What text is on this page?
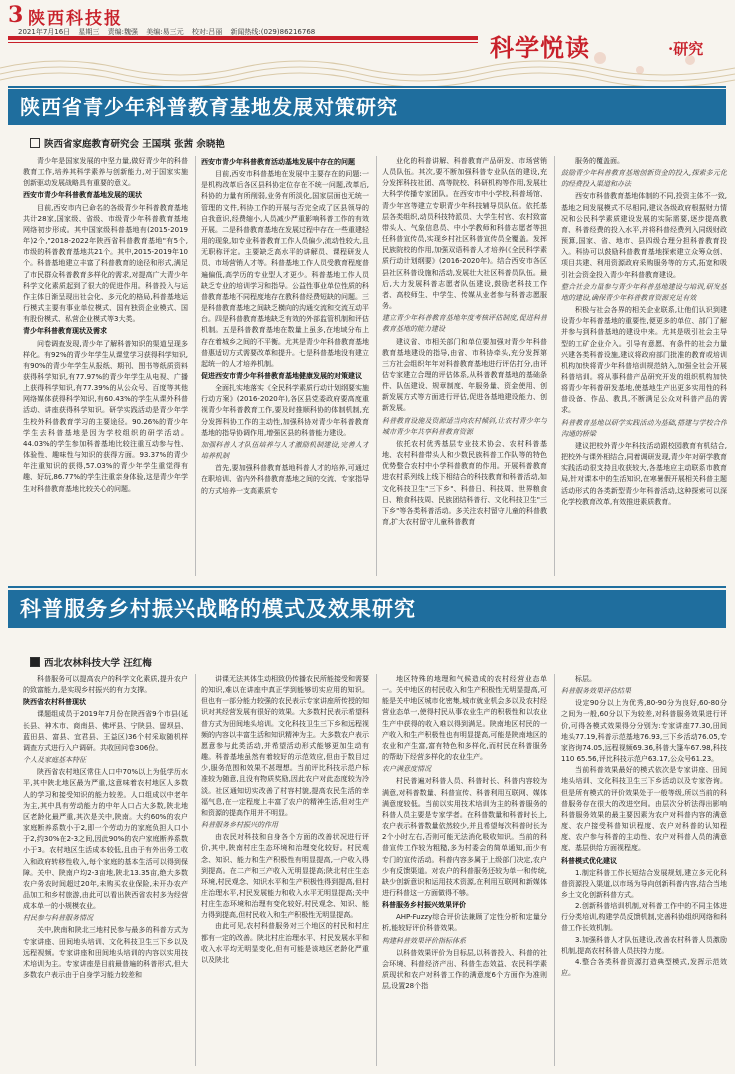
3 陕西科技报
2021年7月16日 星期三 责编:魏强 美编:易三元 校对:吕丽 新闻热线:(029)86216768
科学悦读	·研究
陕西省青少年科普教育基地发展对策研究
陕西省家庭教育研究会 王国琪 张茜 余晓艳

青少年是国家发展的中坚力量,做好青少年的科普教育工作,培养其科学素养与创新能力,对于国家实施创新驱动发展战略具有重要的意义。

西安市青少年科普教育基地发展的现状

目前,西安市内已命名的各级青少年科普教育基地共计28家,国家级、省级、市级青少年科普教育基地网络初步形成。其中国家级科普基地有(2015-2019年)2个,"2018-2022年陕西省科普教育基地"有5个,市级的科普教育基地共21个。其中,2015-2019年10个。科普基地建立丰富了科普教育的途径和形式,满足了市民群众科普教育多样化的需求,对提高广大青少年科学文化素质起到了很大的促进作用。科普投入与运作主体日渐呈现出社会化、多元化的格局,科普基地运行模式主要有事业单位模式、国有独资企业模式、国有股份模式、私营企业模式等3大类。

青少年科普教育现状及需求

问卷调查发现,青少年了解科普知识的渠道呈现多样化。有92%的青少年学生从课堂学习获得科学知识,有90%的青少年学生从报纸、期刊、图书等纸质资料获得科学知识,有77.97%的青少年学生从电视、广播上获得科学知识,有77.39%的从公众号、百度等其他网络媒体获得科学知识,有60.43%的学生从课外科普活动、讲座获得科学知识。研学实践活动是青少年学生校外科普教育学习的主要途径。90.26%的青少年学生去科普基地是因为学校组织的研学活动。44.03%的学生参加科普基地比较注重互动参与性、体验性、趣味性与知识的获得方面。93.37%的青少年注重知识的获得,57.03%的青少年学生重觉得有趣、好玩,86.77%的学生注重亲身体验,这是青少年学生对科普教育基地比较关心的问题。

西安市青少年科普教育活动基地发展中存在的问题

目前,西安市科普基地在发展中主要存在的问题:一是机构改革后各区县科协定位存在不统一问题,改革后,科协的力量有所削弱,业务有所淡化,国家层面也无统一管理的文件,科协工作的开展与否完全成了区县领导的自我意识,经费缩小,人员减少严重影响科普工作的有效开展。二是科普教育基地在发展过程中存在一些重建轻用的现象,如专业科普教育工作人员偏少,流动性较大,且无职称评定。主要缺乏高水平的讲解员、课程研发人员、市场营销人才等。科普基地工作人员受教育程度普遍偏低,高学历的专业型人才更少。科普基地工作人员缺乏专业的培训学习和指导。公益性事业单位性质的科普教育基地不同程度地存在教科普经费短缺的问题。三是科普教育基地之间缺乏横向的沟通交流和交流互动平台。四是科普教育基地缺乏有效的外部监管机制和评估机制。五是科普教育基地在数量上虽多,在地域分布上存在着城乡之间的不平衡。尤其是青少年科普教育基地普惠适切方式需要改革和提升。七是科普基地没有建立起统一的人才培养机制。

促进西安市青少年科普教育基地健康发展的对策建议

全面扎实地落实《全民科学素质行动计划纲要实施行动方案》(2016-2020年),各区县党委政府要高度重视青少年科普教育工作,要及时推顺科协的体制机制,充分发挥科协工作的主动性,加强科协对青少年科普教育基地的指导协调作用,增强区县的科普能力建设。

加强科普人才队伍培养与人才激励机制建设,完善人才培养机制

首先,要加强科普教育基地科普人才的培养,可通过在职培训、省内外科普教育基地之间的交流、专家指导的方式培养一支高素质专

业化的科普讲解、科普教育产品研发、市场营销人员队伍。其次,要不断加强科普专业队伍的建设,充分发挥科技社团、高等院校、科研机构等作用,发展壮大科学传播专家团队。在西安市中小学校,科普场馆、青少年宫等建立专职青少年科技辅导员队伍。依托基层各类组织,动员科技特派员、大学生村官、农村致富带头人、气象信息员、中小学教师和科普志愿者等担任科普宣传员,实现乡村社区科普宣传员全覆盖。发挥民族院校的作用,加强双语科普人才培养(《全民科学素质行动计划纲要》(2016-2020年)。结合西安市各区县社区科普设施和活动,发展壮大社区科普员队伍。最后,大力发展科普志愿者队伍建设,鼓励老科技工作者、高校师生、中学生、传媒从业者参与科普志愿服务。

建立青少年科普教育基地年度考核评估制度,促进科普教育基地的能力建设

建议省、市相关部门和单位要加强对青少年科普教育基地建设的指导,由省、市科协牵头,充分发挥第三方社会组织年年对科普教育基地进行评估打分,由评估专家建立合理的评估体系,从科普教育基地的基础条件、队伍建设、规章制度、年服务量、资金使用、创新发展方式等方面进行评估,促进各基地建设能力、创新发展。

科普教育设施及资源适当向农村倾斜,让农村青少年与城市青少年共享科普教育资源

依托农村优秀基层专业技术协会、农村科普基地、农村科普带头人和少数民族科普工作队等的特色优势整合农村中小学科普教育的作用。开展科普教育进农村系列线上线下相结合的科技教育和科普活动,如文化科技卫生"三下乡"、科普日、科技周、世界粮食日、粮食科技周、民族团结科普行、文化科技卫生"三下乡"等各类科普活动。多关注农村留守儿童的科普教育,扩大农村留守儿童科普教育

服务的覆盖面。

鼓励青少年科普教育基地创新资金的投入,探索多元化的经费投入渠道和办法

西安市科普教育基地体制的不同,投资主体不一致,基地之间发展模式不尽相同,建议各级政府根据财力情况和公民科学素质建设发展的实际需要,逐步提高教育、科普经费的投入水平,并将科普经费列入同级财政预算,国家、省、地市、县四级合理分担科普教育投入。科协可以鼓励科普教育基地探索建立众筹众创、项目共建、利用资源政府采购服务等的方式,拓宽和吸引社会资金投入青少年科普教育建设。

整合社会力量参与青少年科普基地建设与培训,研发基地的建设,确保青少年科普教育资源充足有效

积极与社会各界的相关企业联系,让他们认识到建设青少年科普基地的重要性,便更多的单位、部门了解并参与到科普基地的建设中来。尤其是吸引社会主导型的工矿企业介入。引导有意愿、有条件的社会力量兴建各类科普设施,建议将政府部门批准的教育或培训机构加快将青少年科普培训规范纳入,加强全社会开展科普培训。将从事科普产品研究开发的组织机构加快将青少年科普研发基地,使基地生产出更多实用性的科普设备、作品、教具,不断满足公众对科普产品的需求。

科普教育基地以研学实践活动为基础,搭建与学校合作沟通的桥梁

建议把校外青少年科技活动跟校园教育有机结合,把校外与课外相结合,同着调研发现,青少年对研学教育实践活动很支持且收获较大,各基地应主动联系市教育局,针对课本中的生活知识,在寒暑假开展相关科普主题活动形式的各类新型青少年科普活动,这种探索可以深化学校教育改革,有效推进素质教育。

科普服务乡村振兴战略的模式及效果研究
西北农林科技大学 汪红梅

科普服务可以提高农户的科学文化素质,提升农户的致富能力,是实现乡村振兴的有力支撑。

陕西省农村科普现状

课题组成员于2019年7月份在陕西省9个市县(延长县、神木市、商南县、佛坪县、宁陕县、留坝县、蓝田县、富县、宜君县、王益区)36个村采取随机样调查方式进行入户调研。共收回问卷306份。

个人及家庭基本特征

陕西省农村地区常住人口中70%以上为低学历水平,其中陕北地区最为严重,这意味着农村地区人多数人的学习和接受知识的能力较差。人口组成以中老年为主,其中具有劳动能力的中年人口占大多数,陕北地区老龄化最严重,其次是关中,陕南。大约60%的农户家庭断养系数小于2,即一个劳动力的家庭负担人口小于2,约30%在2-3之间,因此90%的农户家庭断养系数小于3。农村地区生活成本较低,且由于有外出务工收入和政府转移性收入,每个家庭的基本生活可以得到保障。关中、陕南户均2-3亩地,陕北13.35亩,绝大多数农户务农时间超过20年,未购买农业保险,未开办农产品加工和乡村旅游,由此可以看出陕西省农村多为经营成本单一的小规模农业。

村民参与科普服务情况

关中,陕南和陕北三地村民参与最多的科普方式为专家讲座、田间地头培训、文化科技卫生三下乡以及远程视频。专家讲座和田间地头培训的内容以实用技术培训为主。专家讲座是目前最普遍的科普形式,但大多数农户表示由于自身学习能力较差和

讲课无法其体生动相致仍传播农民所能接受和需要的知识,难以在讲座中真正学到能够切实应用的知识。但也有一部分能力较强的农民表示专家讲座所传授的知识对其经营发展有很好的效果。大多数村民表示希望科普方式为田间地头培训。文化科技卫生三下乡和远程视频的内容以丰富生活和知识精神为主。大多数农户表示愿意参与此类活动,并希望活动形式能够更加生动有趣。科普基地虽然有着较好的示范效应,但由于数目过少,服务范围和效果不甚理想。当前评比科技示范户标准较为随意,且没有物质奖励,因此农户对此态度较为冷淡。社区通知切实改善了村容村貌,提高农民生活的幸福气息,在一定程度上丰富了农户的精神生活,但对生产和资源的提高作用并不明显。

科普服务乡村振兴的作用

由农民对科技和自身各个方面的改善状况进行评价,其中,陕南村庄生态环境和治理变化较好。村民观念、知识、能力和生产积极性有明显提高,一户收入得到提高。在二产和三产收入无明显提高;陕北村庄生态环境,村民观念、知识水平和生产积极性得到提高,但村庄治理水平,村民发展能力和收入水平无明显提高;关中村庄生态环境和治理有变化较好,村民观念、知识、能力得到提高,但村民收入和生产积极性无明显提高。

由此可见,农村科普服务对三个地区的村民和村庄都有一定的改善。陕北村庄治理水平、村民发展水平和收入水平均无明显变化,但有可能是该地区老龄化严重以及陕北

地区特殊的地理和气候造成的农村经营业态单一。关中地区的村民收入和生产积极性无明显提高,可能是关中地区城市化密集,城市就业机会多以及农村经营业态单一,使得村民从事农业生产的积极性和以农业生产中获得的收入难以得到满足。陕南地区村民的一产收入和生产积极性也有明显提高,可能是陕南地区的农业和产生富,富有特色和多样化,而村民在科普服务的帮助下经营多样化的农业生产。

农户满意度情况

村民普遍对科普人员、科普时长、科普内容较为满意,对科普数量、科普宣传、科普利用互联网、媒体满意度较低。当前以实用技术培训为主的科普服务的科普人员主要是专家学者。在科普数量和科普时长上,农户表示科普数量依然较少,并且希望每次科普时长为2个小时左右,否则可能无法消化吸收知识。当前的科普宣传工作较为粗糙,多为村委会的简单通知,而少有专门的宣传活动。科普内容多属于上级部门决定,农户少有反馈渠道。对农户的科普服务还较为单一和传统,缺少创新意识和运用技术资源,在利用互联网和新媒体进行科普这一方面做得不够。

科普服务乡村振兴效果评价

AHP-Fuzzy综合评价法兼顾了定性分析和定量分析,能较好评价科普效果。

构建科普效果评价指标体系

以科普效果评价为目标层,以科普投入、科普的社会环境、科普经济产出、科普生态效益、农民科学素质现状和农户对科普工作的满意度6个方面作为准则层,设置28个指

标层。

科普服务效果评估结果

设定90分以上为优秀,80-90分为良好,60-80分之间为一般,60分以下为较差,对科普服务效果进行评价,可得各模式效果得分分别为:专家讲座77.30,田间地头77.19,科普示范基地76.93,三下乡活动76.05,专家咨询74.05,远程视频69.36,科普大篷车67.98,科技110 65.56,评比科技示范户63.17,公众号61.23。

当前科普效果最好的模式依次是专家讲座、田间地头培训、文化科技卫生三下乡活动以及专家咨询。但是所有模式的评价效果处于一般等级,所以当前的科普服务存在很大的改进空间。由层次分析法得出影响科普服务效果的最主要因素为农户对科普内容的满意度、农户接受科普知识程度、农户对科普的认知程度、农户参与科普的主动性、农户对科普人员的满意度、基层供给方面视程度。

科普模式优化建议

1.制定科普工作长短结合发展规划,建立多元化科普资源投入渠道,以市场为导向创新科普内容,结合当地乡土文化创新科普方式。

2.创新科普培训机制,对科普工作中的不同主体进行分类培训,构建学员反馈机制,完善科协组织网络和科普工作长效机制。

3.加强科普人才队伍建设,改善农村科普人员激励机制,提高农村科普人员扶持力度。

4.整合各类科普资源打造典型模式,发挥示范效应。
